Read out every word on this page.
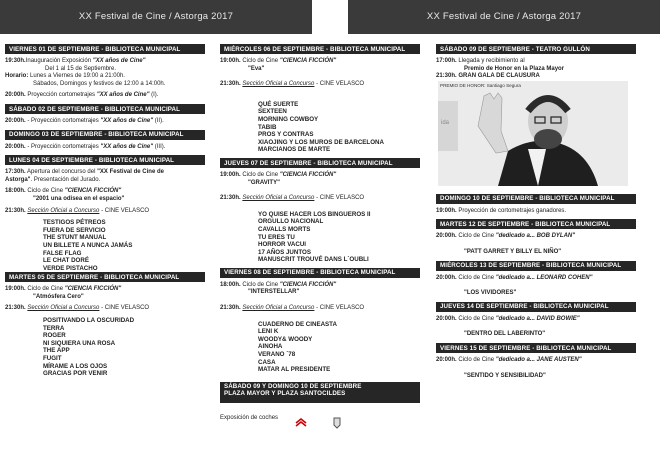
XX Festival de Cine / Astorga 2017	XX Festival de Cine / Astorga 2017
VIERNES 01 DE SEPTIEMBRE - BIBLIOTECA MUNICIPAL
19:30h.Inauguración Exposición "XX años de Cine"
Del 1 al 15 de Septiembre.
Horario: Lunes a Viernes de 19:00 a 21:00h.
Sábados, Domingos y festivos de 12:00 a 14:00h.
20:00h. Proyección cortometrajes "XX años de Cine" (I).
SÁBADO 02 DE SEPTIEMBRE - BIBLIOTECA MUNICIPAL
20:00h. - Proyección cortometrajes "XX años de Cine" (II).
DOMINGO 03 DE SEPTIEMBRE - BIBLIOTECA MUNICIPAL
20:00h. - Proyección cortometrajes "XX años de Cine" (III).
LUNES 04 DE SEPTIEMBRE - BIBLIOTECA MUNICIPAL
17:30h. Apertura del concurso del "XX Festival de Cine de
Astorga". Presentación del Jurado.
18:00h. Ciclo de Cine "CIENCIA FICCIÓN"
"2001 una odisea en el espacio"
21:30h. Sección Oficial a Concurso - CINE VELASCO
TESTIGOS PÉTREOS
FUERA DE SERVICIO
THE STUNT MANUAL
UN BILLETE A NUNCA JAMÁS
FALSE FLAG
LE CHAT DORÉ
VERDE PISTACHO
MARTES 05 DE SEPTIEMBRE - BIBLIOTECA MUNICIPAL
19:00h. Ciclo de Cine "CIENCIA FICCIÓN"
"Atmósfera Cero"
21:30h. Sección Oficial a Concurso - CINE VELASCO
POSITIVANDO LA OSCURIDAD
TERRA
ROGER
NI SIQUIERA UNA ROSA
THE APP
FUGIT
MÍRAME A LOS OJOS
GRACIAS POR VENIR
MIÉRCOLES 06 DE SEPTIEMBRE - BIBLIOTECA MUNICIPAL
19:00h. Ciclo de Cine "CIENCIA FICCIÓN"
"Eva"
21:30h. Sección Oficial a Concurso - CINE VELASCO
QUÉ SUERTE
SEXTEEN
MORNING COWBOY
TABIB
PROS Y CONTRAS
XIAOJING Y LOS MUROS DE BARCELONA
MARCIANOS DE MARTE
JUEVES 07 DE SEPTIEMBRE - BIBLIOTECA MUNICIPAL
19:00h. Ciclo de Cine "CIENCIA FICCIÓN"
"GRAVITY"
21:30h. Sección Oficial a Concurso - CINE VELASCO
YO QUISE HACER LOS BINGUEROS II
ORGULLO NACIONAL
CAVALLS MORTS
TU ERES TU
HORROR VACUI
17 AÑOS JUNTOS
MANUSCRIT TROUVÉ DANS L´OUBLI
VIERNES 08 DE SEPTIEMBRE - BIBLIOTECA MUNICIPAL
18:00h. Ciclo de Cine "CIENCIA FICCIÓN"
"INTERSTELLAR"
21:30h. Sección Oficial a Concurso - CINE VELASCO
CUADERNO DE CINEASTA
LENI K
WOODY& WOODY
AINOHA
VERANO ´78
CASA
MATAR AL PRESIDENTE
SÁBADO 09 Y DOMINGO 10 DE SEPTIEMBRE
PLAZA MAYOR Y PLAZA SANTOCILDES
Exposición de coches
SÁBADO 09 DE SEPTIEMBRE - TEATRO GULLÓN
17:00h. Llegada y recibimiento al
Premio de Honor en la Plaza Mayor
21:30h. GRAN GALA DE CLAUSURA
PREMIO DE HONOR: Santiago Segura
ida
DOMINGO 10 DE SEPTIEMBRE - BIBLIOTECA MUNICIPAL
19:00h. Proyección de cortometrajes ganadores.
MARTES 12 DE SEPTIEMBRE - BIBLIOTECA MUNICIPAL
20:00h. Ciclo de Cine "dedicado a... BOB DYLAN"
"PATT GARRET Y BILLY EL NIÑO"
MIÉRCOLES 13 DE SEPTIEMBRE - BIBLIOTECA MUNICIPAL
20:00h. Ciclo de Cine "dedicado a... LEONARD COHEN"
"LOS VIVIDORES"
JUEVES 14 DE SEPTIEMBRE - BIBLIOTECA MUNICIPAL
20:00h. Ciclo de Cine "dedicado a... DAVID BOWIE"
"DENTRO DEL LABERINTO"
VIERNES 15 DE SEPTIEMBRE - BIBLIOTECA MUNICIPAL
20:00h. Ciclo de Cine "dedicado a... JANE AUSTEN"
"SENTIDO Y SENSIBILIDAD"
